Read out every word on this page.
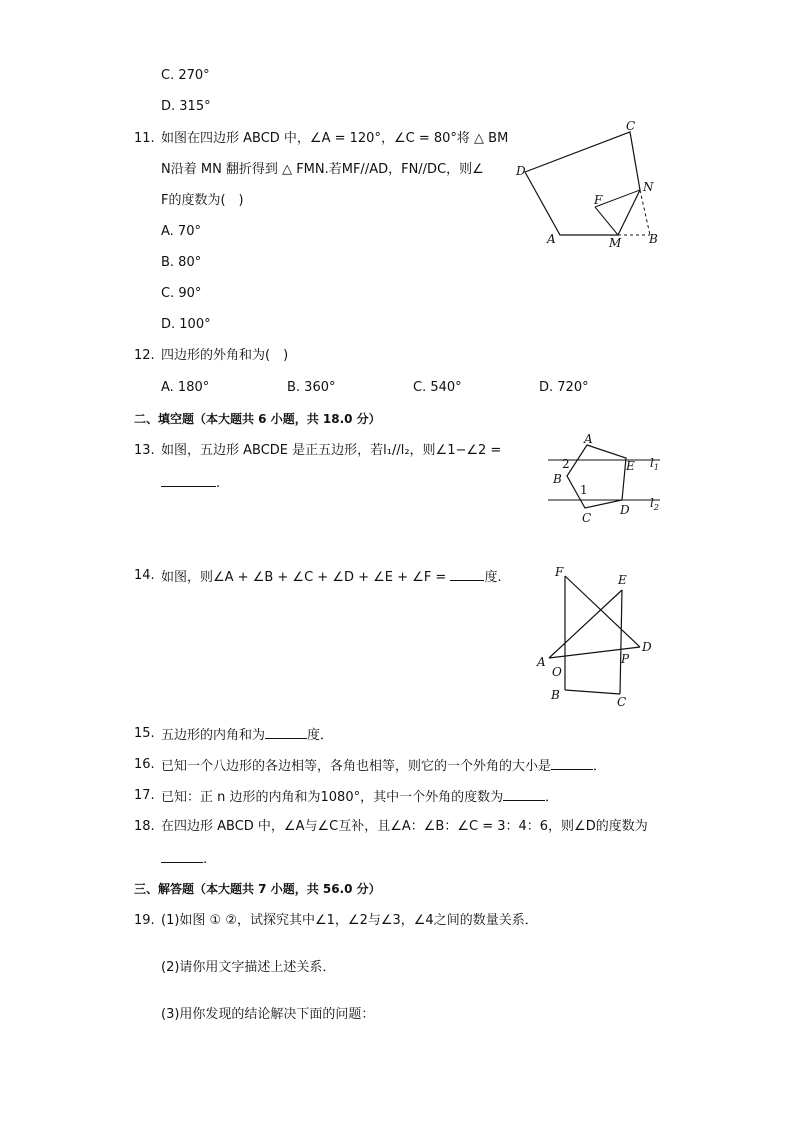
C. 270°
D. 315°
11. 如图在四边形 ABCD 中，∠A = 120°，∠C = 80°将 △ BM
N沿着 MN 翻折得到 △ FMN.若MF//AD，FN//DC，则∠
F的度数为(　)
A. 70°
B. 80°
C. 90°
D. 100°
C
D
F
N
A	M B
12. 四边形的外角和为(　)
A. 180°	B. 360°	C. 540°	D. 720°
二、填空题（本大题共 6 小题，共 18.0 分）
13. 如图，五边形 ABCDE 是正五边形，若l₁//l₂，则∠1−∠2 =
.
A
E
B
C
D
2
1
$l_1$
$l_2$
14. 如图，则∠A + ∠B + ∠C + ∠D + ∠E + ∠F =	度.	F
E
D
A
O
P
B	C
15. 五边形的内角和为	度．
16. 已知一个八边形的各边相等，各角也相等，则它的一个外角的大小是	．
17. 已知：正 n 边形的内角和为1080°，其中一个外角的度数为	．
18. 在四边形 ABCD 中，∠A与∠C互补，且∠A：∠B：∠C = 3：4：6，则∠D的度数为
.
三、解答题（本大题共 7 小题，共 56.0 分）
19. (1)如图 ① ②，试探究其中∠1，∠2与∠3，∠4之间的数量关系．
(2)请你用文字描述上述关系．
(3)用你发现的结论解决下面的问题：
